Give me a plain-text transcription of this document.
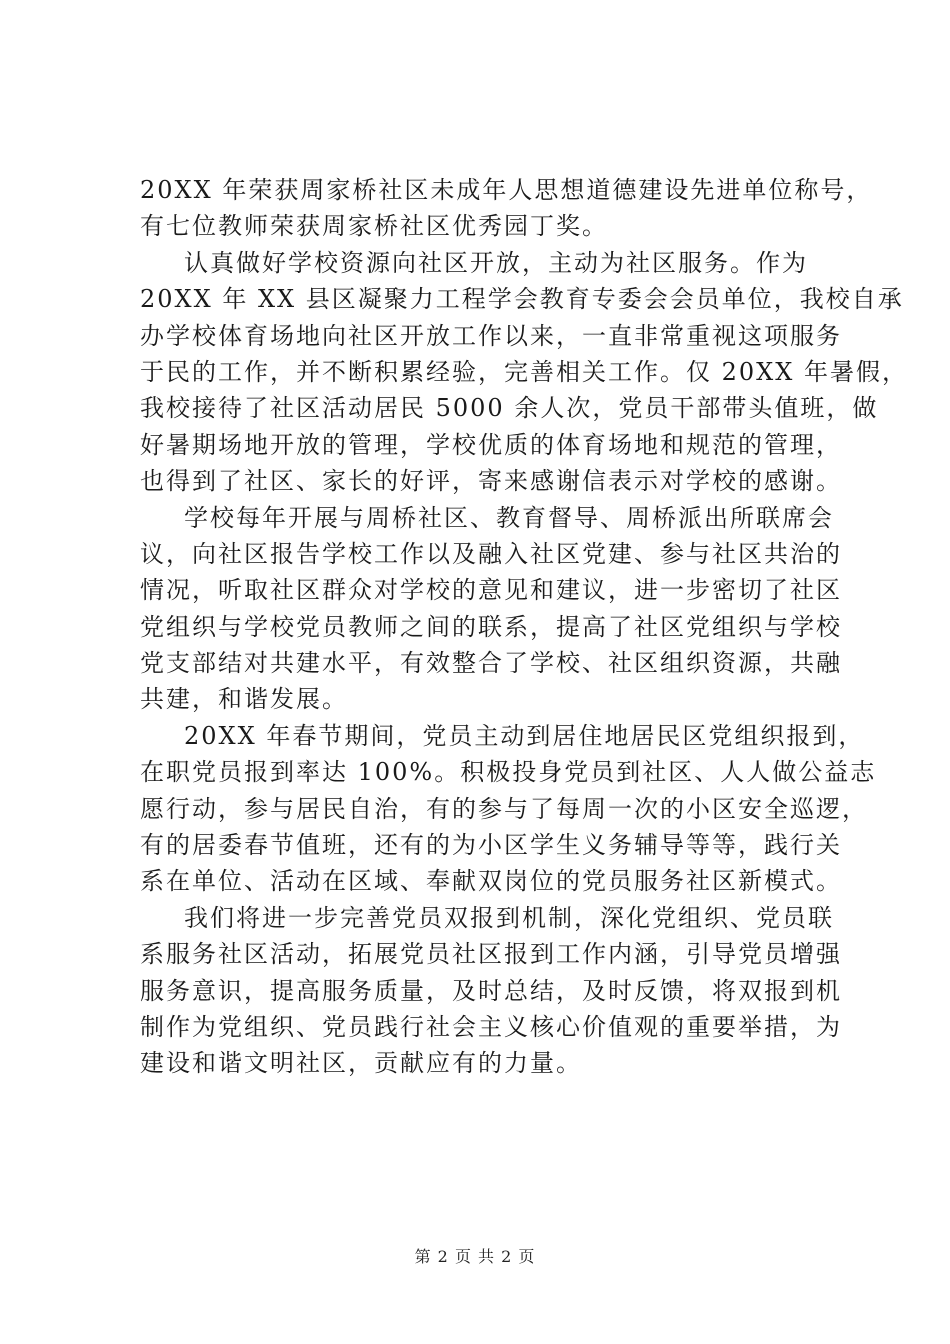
20XX 年荣获周家桥社区未成年人思想道德建设先进单位称号，
有七位教师荣获周家桥社区优秀园丁奖。
认真做好学校资源向社区开放，主动为社区服务。作为
20XX 年 XX 县区凝聚力工程学会教育专委会会员单位，我校自承
办学校体育场地向社区开放工作以来，一直非常重视这项服务
于民的工作，并不断积累经验，完善相关工作。仅 20XX 年暑假，
我校接待了社区活动居民 5000 余人次，党员干部带头值班，做
好暑期场地开放的管理，学校优质的体育场地和规范的管理，
也得到了社区、家长的好评，寄来感谢信表示对学校的感谢。
学校每年开展与周桥社区、教育督导、周桥派出所联席会
议，向社区报告学校工作以及融入社区党建、参与社区共治的
情况，听取社区群众对学校的意见和建议，进一步密切了社区
党组织与学校党员教师之间的联系，提高了社区党组织与学校
党支部结对共建水平，有效整合了学校、社区组织资源，共融
共建，和谐发展。
20XX 年春节期间，党员主动到居住地居民区党组织报到，
在职党员报到率达 100%。积极投身党员到社区、人人做公益志
愿行动，参与居民自治，有的参与了每周一次的小区安全巡逻，
有的居委春节值班，还有的为小区学生义务辅导等等，践行关
系在单位、活动在区域、奉献双岗位的党员服务社区新模式。
我们将进一步完善党员双报到机制，深化党组织、党员联
系服务社区活动，拓展党员社区报到工作内涵，引导党员增强
服务意识，提高服务质量，及时总结，及时反馈，将双报到机
制作为党组织、党员践行社会主义核心价值观的重要举措，为
建设和谐文明社区，贡献应有的力量。
第 2 页 共 2 页
